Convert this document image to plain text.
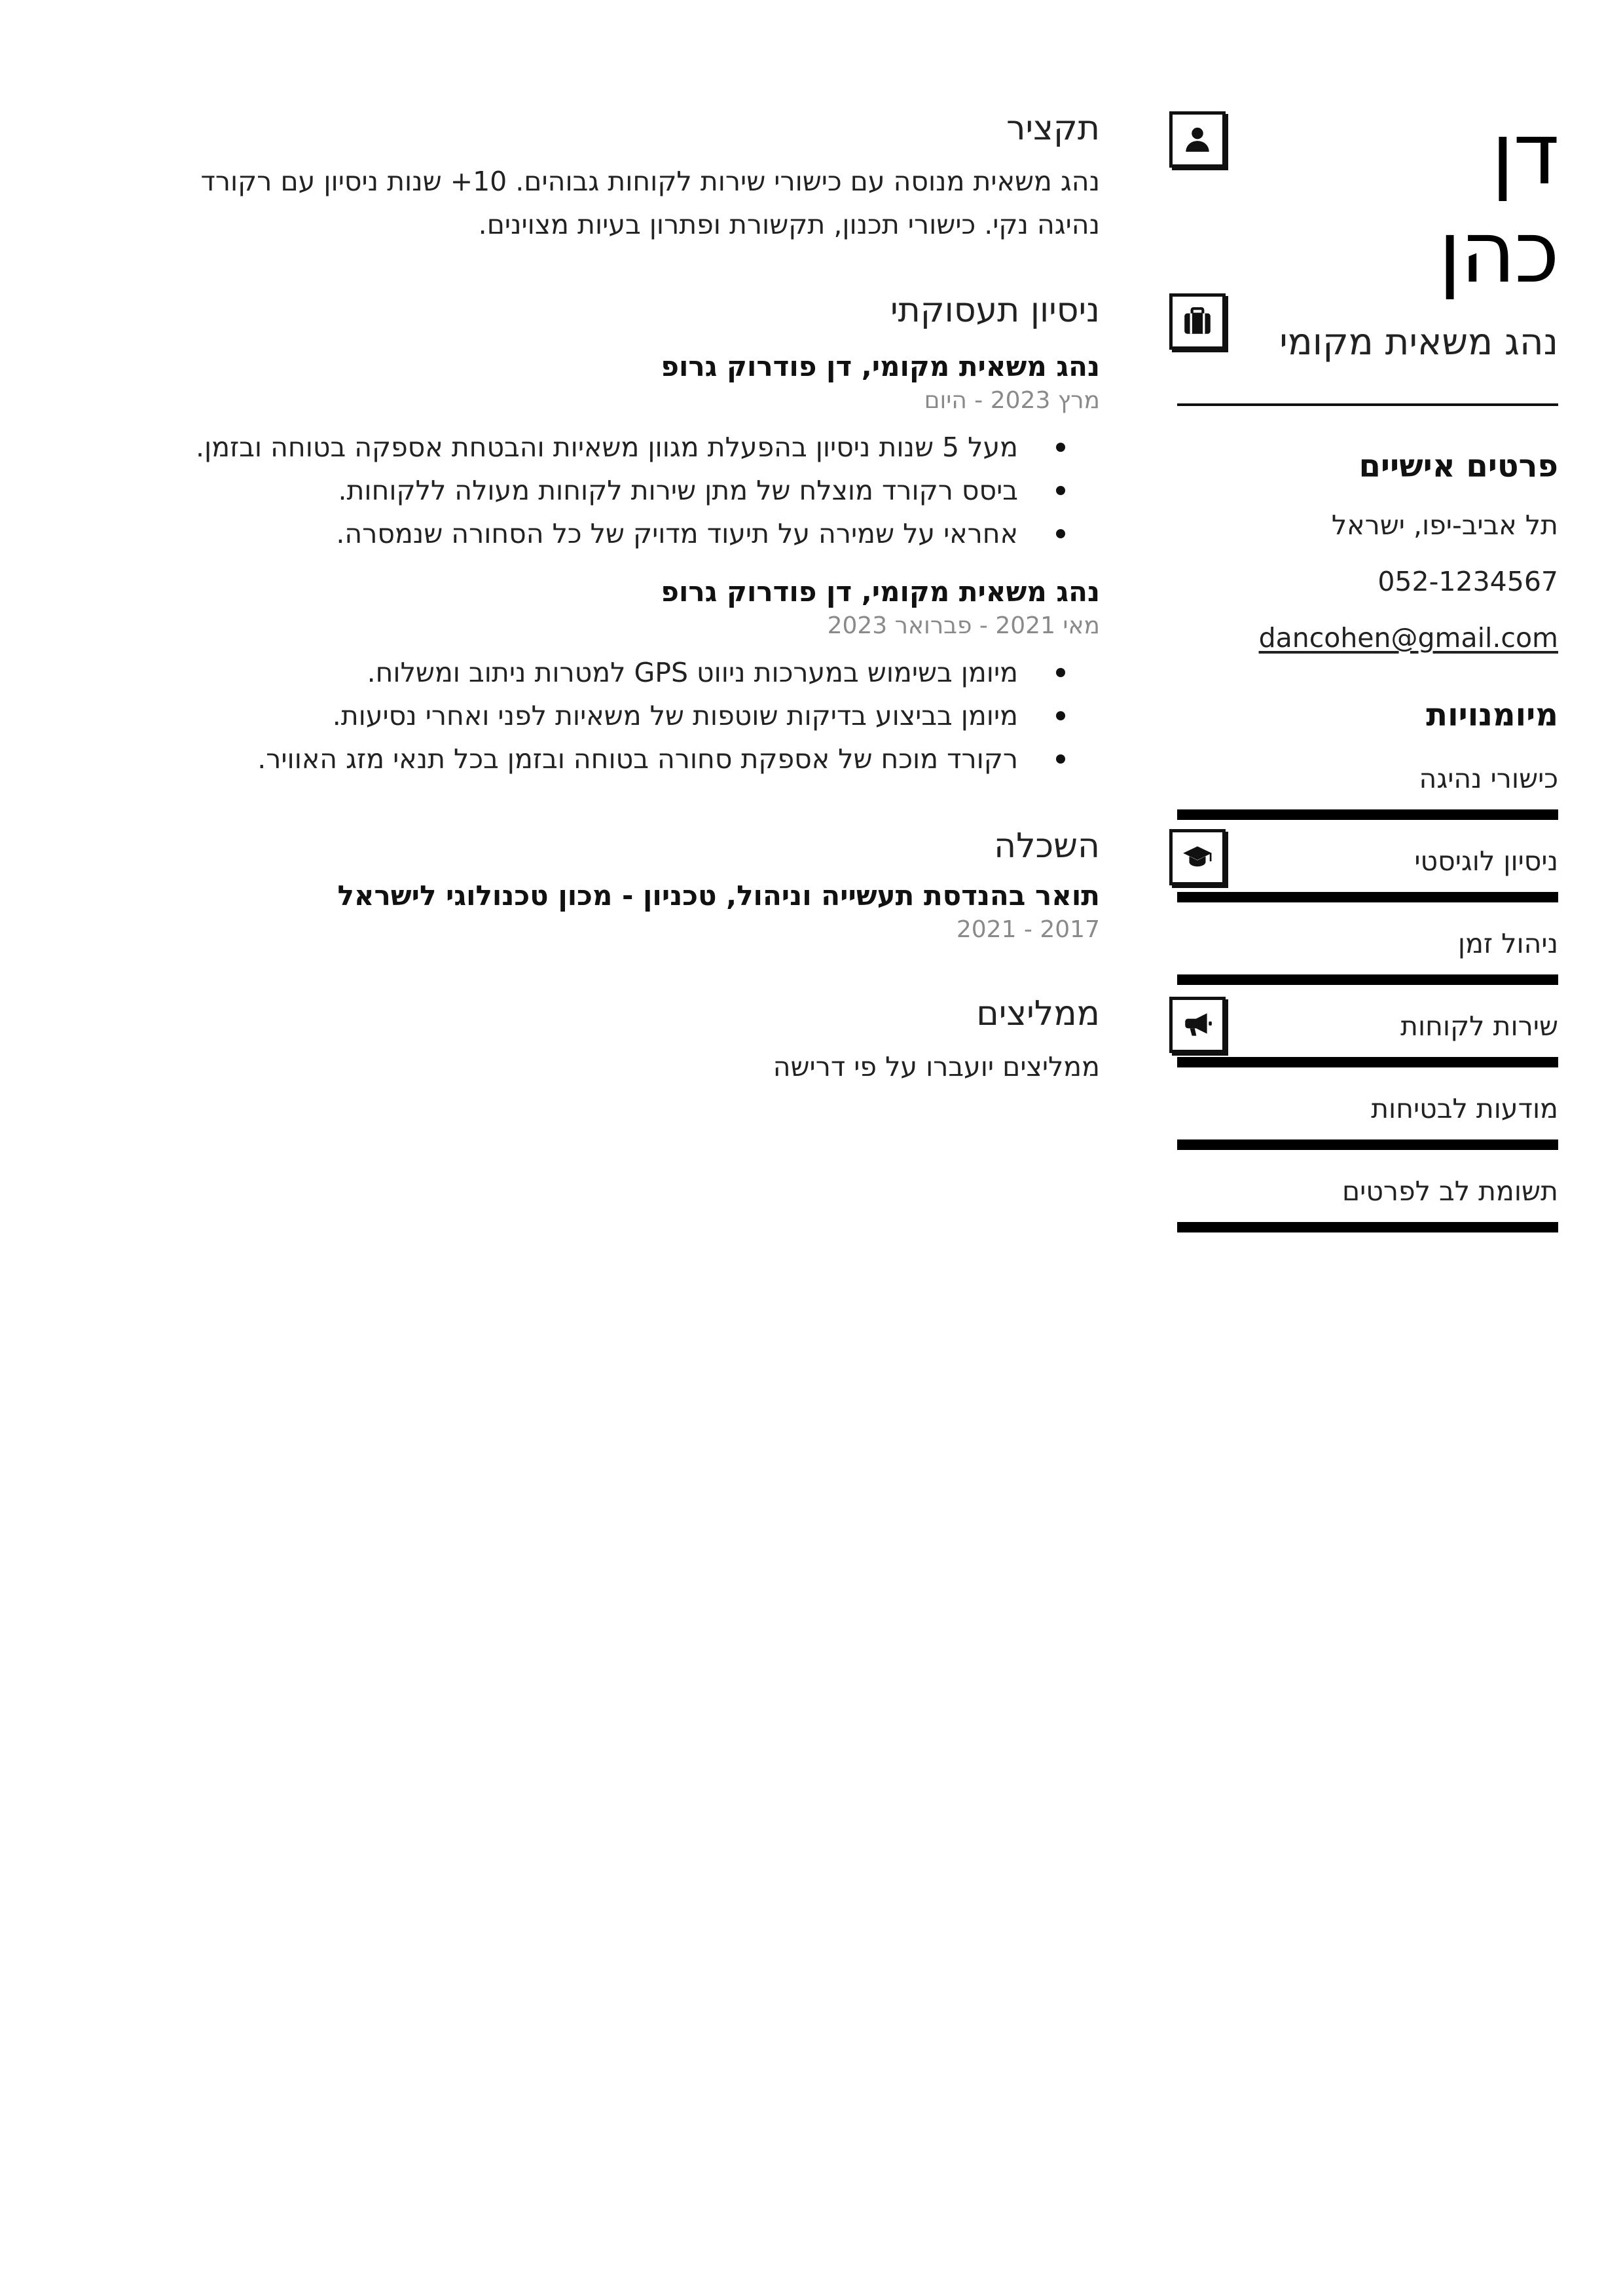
דן
כהן
נהג משאית מקומי
פרטים אישיים
תל אביב-יפו, ישראל
052-1234567
dancohen@gmail.com
מיומנויות
כישורי נהיגה
ניסיון לוגיסטי
ניהול זמן
שירות לקוחות
מודעות לבטיחות
תשומת לב לפרטים
תקציר
נהג משאית מנוסה עם כישורי שירות לקוחות גבוהים. 10+ שנות ניסיון עם רקורד נהיגה נקי. כישורי תכנון, תקשורת ופתרון בעיות מצוינים.
ניסיון תעסוקתי
נהג משאית מקומי, דן פודרוק גרופ
מרץ 2023 - היום
מעל 5 שנות ניסיון בהפעלת מגוון משאיות והבטחת אספקה בטוחה ובזמן.
ביסס רקורד מוצלח של מתן שירות לקוחות מעולה ללקוחות.
אחראי על שמירה על תיעוד מדויק של כל הסחורה שנמסרה.
נהג משאית מקומי, דן פודרוק גרופ
מאי 2021 - פברואר 2023
מיומן בשימוש במערכות ניווט GPS למטרות ניתוב ומשלוח.
מיומן בביצוע בדיקות שוטפות של משאיות לפני ואחרי נסיעות.
רקורד מוכח של אספקת סחורה בטוחה ובזמן בכל תנאי מזג האוויר.
השכלה
תואר בהנדסת תעשייה וניהול, טכניון - מכון טכנולוגי לישראל
2017 - 2021
ממליצים
ממליצים יועברו על פי דרישה
